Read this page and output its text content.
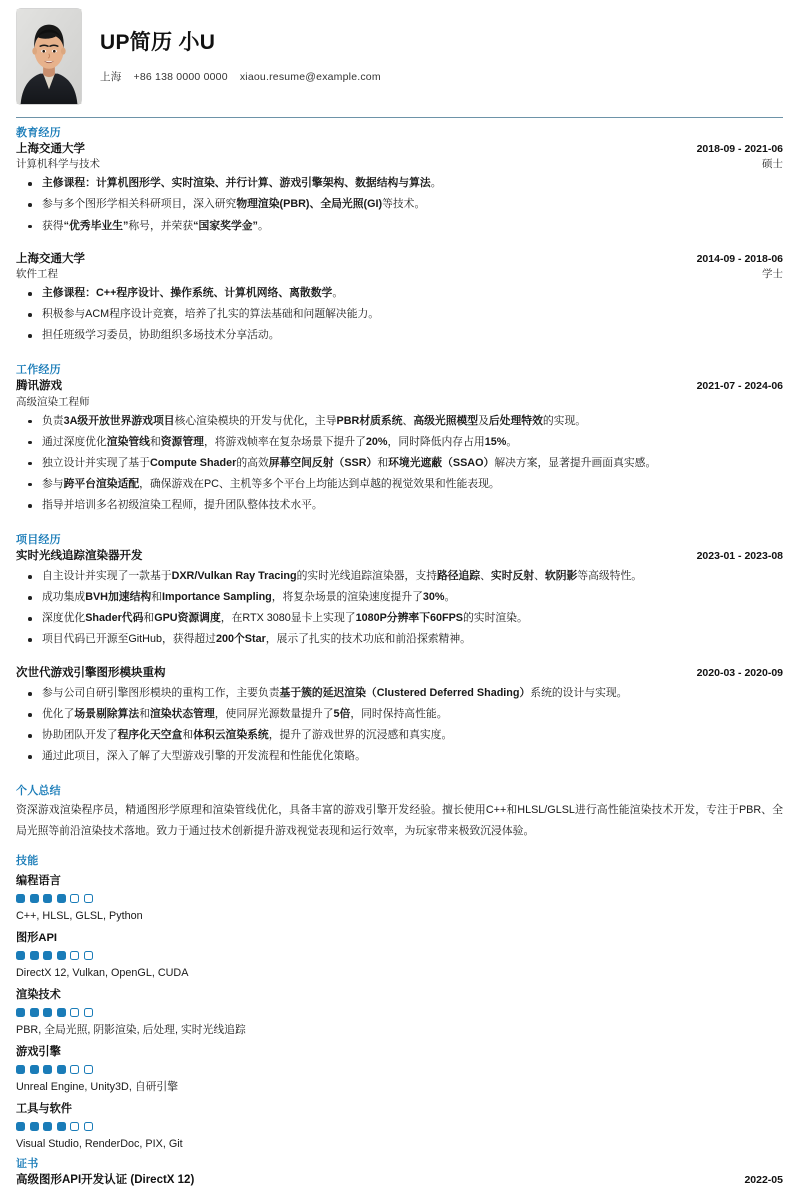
UP简历 小U
上海 +86 138 0000 0000 xiaou.resume@example.com
教育经历
上海交通大学	2018-09 - 2021-06
计算机科学与技术	硕士
主修课程：计算机图形学、实时渲染、并行计算、游戏引擎架构、数据结构与算法。
参与多个图形学相关科研项目，深入研究物理渲染(PBR)、全局光照(GI)等技术。
获得“优秀毕业生”称号，并荣获“国家奖学金”。
上海交通大学	2014-09 - 2018-06
软件工程	学士
主修课程：C++程序设计、操作系统、计算机网络、离散数学。
积极参与ACM程序设计竞赛，培养了扎实的算法基础和问题解决能力。
担任班级学习委员，协助组织多场技术分享活动。
工作经历
腾讯游戏	2021-07 - 2024-06
高级渲染工程师
负责3A级开放世界游戏项目核心渲染模块的开发与优化，主导PBR材质系统、高级光照模型及后处理特效的实现。
通过深度优化渲染管线和资源管理，将游戏帧率在复杂场景下提升了20%，同时降低内存占用15%。
独立设计并实现了基于Compute Shader的高效屏幕空间反射（SSR）和环境光遮蔽（SSAO）解决方案，显著提升画面真实感。
参与跨平台渲染适配，确保游戏在PC、主机等多个平台上均能达到卓越的视觉效果和性能表现。
指导并培训多名初级渲染工程师，提升团队整体技术水平。
项目经历
实时光线追踪渲染器开发	2023-01 - 2023-08
自主设计并实现了一款基于DXR/Vulkan Ray Tracing的实时光线追踪渲染器，支持路径追踪、实时反射、软阴影等高级特性。
成功集成BVH加速结构和Importance Sampling，将复杂场景的渲染速度提升了30%。
深度优化Shader代码和GPU资源调度，在RTX 3080显卡上实现了1080P分辨率下60FPS的实时渲染。
项目代码已开源至GitHub，获得超过200个Star，展示了扎实的技术功底和前沿探索精神。
次世代游戏引擎图形模块重构	2020-03 - 2020-09
参与公司自研引擎图形模块的重构工作，主要负责基于簇的延迟渲染（Clustered Deferred Shading）系统的设计与实现。
优化了场景剔除算法和渲染状态管理，使同屏光源数量提升了5倍，同时保持高性能。
协助团队开发了程序化天空盒和体积云渲染系统，提升了游戏世界的沉浸感和真实度。
通过此项目，深入了解了大型游戏引擎的开发流程和性能优化策略。
个人总结
资深游戏渲染程序员，精通图形学原理和渲染管线优化，具备丰富的游戏引擎开发经验。擅长使用C++和HLSL/GLSL进行高性能渲染技术开发，专注于PBR、全局光照等前沿渲染技术落地。致力于通过技术创新提升游戏视觉表现和运行效率，为玩家带来极致沉浸体验。
技能
编程语言
C++, HLSL, GLSL, Python
图形API
DirectX 12, Vulkan, OpenGL, CUDA
渲染技术
PBR, 全局光照, 阴影渲染, 后处理, 实时光线追踪
游戏引擎
Unreal Engine, Unity3D, 自研引擎
工具与软件
Visual Studio, RenderDoc, PIX, Git
证书
高级图形API开发认证 (DirectX 12)	2022-05
